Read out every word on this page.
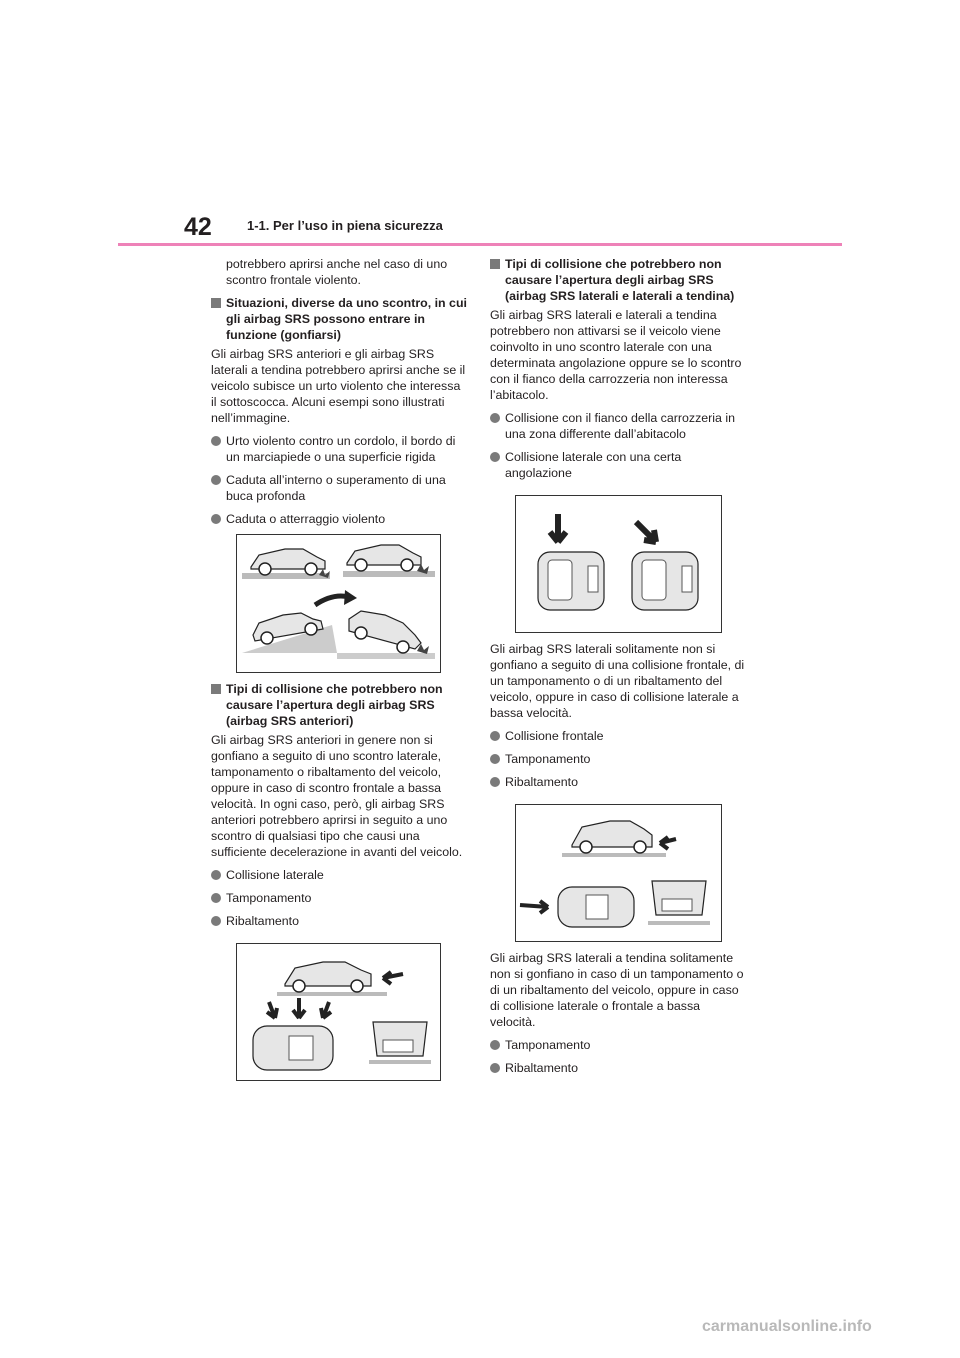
42	1-1. Per l’uso in piena sicurezza

potrebbero aprirsi anche nel caso di uno scontro frontale violento.

Situazioni, diverse da uno scontro, in cui gli airbag SRS possono entrare in funzione (gonfiarsi)

Gli airbag SRS anteriori e gli airbag SRS laterali a tendina potrebbero aprirsi anche se il veicolo subisce un urto violento che interessa il sottoscocca. Alcuni esempi sono illustrati nell’immagine.

Urto violento contro un cordolo, il bordo di un marciapiede o una superficie rigida
Caduta all’interno o superamento di una buca profonda
Caduta o atterraggio violento
Tipi di collisione che potrebbero non causare l’apertura degli airbag SRS (airbag SRS anteriori)

Gli airbag SRS anteriori in genere non si gonfiano a seguito di uno scontro laterale, tamponamento o ribaltamento del veicolo, oppure in caso di scontro frontale a bassa velocità. In ogni caso, però, gli airbag SRS anteriori potrebbero aprirsi in seguito a uno scontro di qualsiasi tipo che causi una sufficiente decelerazione in avanti del veicolo.

Collisione laterale
Tamponamento
Ribaltamento
Tipi di collisione che potrebbero non causare l’apertura degli airbag SRS (airbag SRS laterali e laterali a tendina)

Gli airbag SRS laterali e laterali a tendina potrebbero non attivarsi se il veicolo viene coinvolto in uno scontro laterale con una determinata angolazione oppure se lo scontro con il fianco della carrozzeria non interessa l’abitacolo.

Collisione con il fianco della carrozzeria in una zona differente dall’abitacolo
Collisione laterale con una certa angolazione

Gli airbag SRS laterali solitamente non si gonfiano a seguito di una collisione frontale, di un tamponamento o di un ribaltamento del veicolo, oppure in caso di collisione laterale a bassa velocità.

Collisione frontale
Tamponamento
Ribaltamento

Gli airbag SRS laterali a tendina solitamente non si gonfiano in caso di un tamponamento o di un ribaltamento del veicolo, oppure in caso di collisione laterale o frontale a bassa velocità.

Tamponamento
Ribaltamento
carmanualsonline.info
